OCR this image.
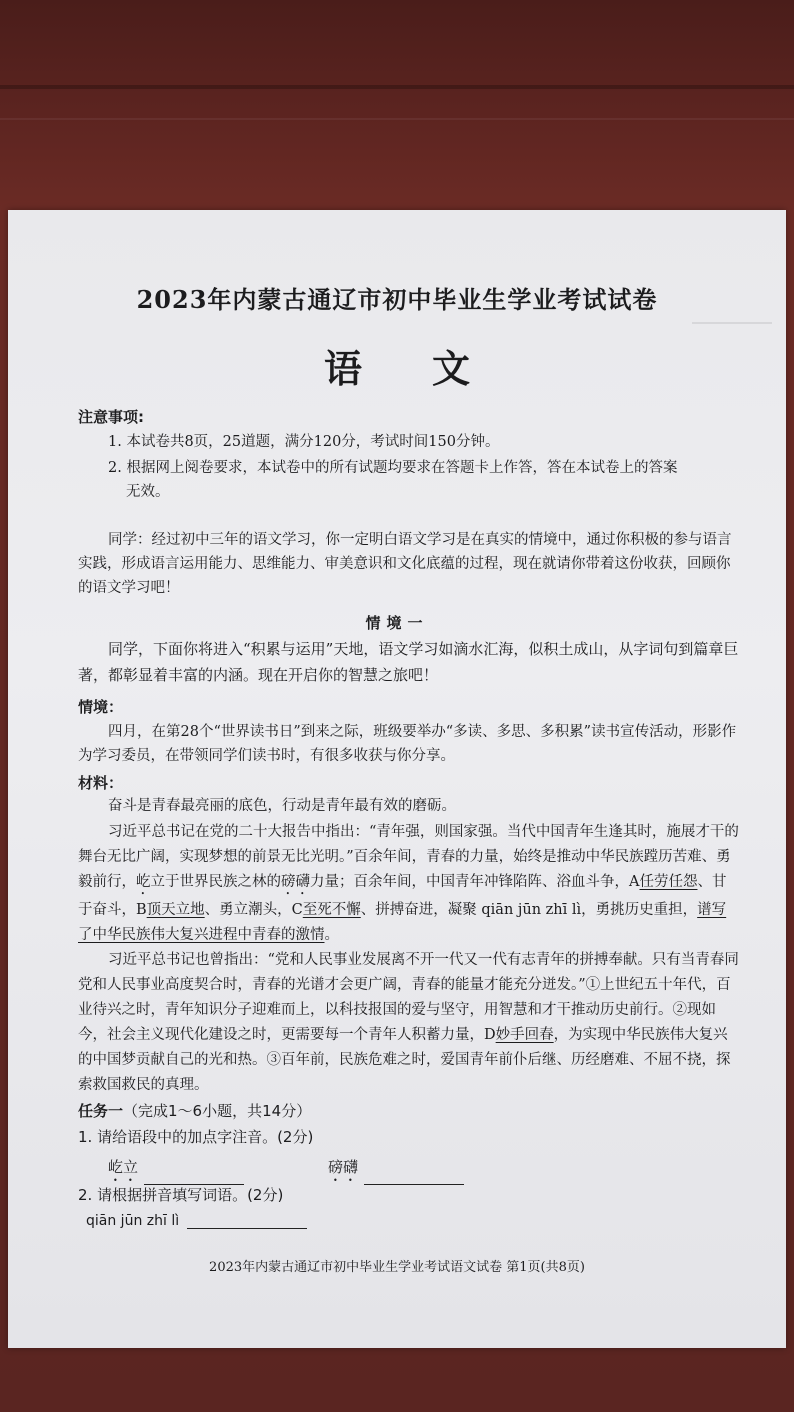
2023年内蒙古通辽市初中毕业生学业考试试卷
语文
注意事项:
1. 本试卷共8页，25道题，满分120分，考试时间150分钟。
2. 根据网上阅卷要求，本试卷中的所有试题均要求在答题卡上作答，答在本试卷上的答案
无效。
同学：经过初中三年的语文学习，你一定明白语文学习是在真实的情境中，通过你积极的参与语言实践，形成语言运用能力、思维能力、审美意识和文化底蕴的过程，现在就请你带着这份收获，回顾你的语文学习吧！
情境一
同学，下面你将进入“积累与运用”天地，语文学习如滴水汇海，似积土成山，从字词句到篇章巨著，都彰显着丰富的内涵。现在开启你的智慧之旅吧！
情境：
四月，在第28个“世界读书日”到来之际，班级要举办“多读、多思、多积累”读书宣传活动，形影作为学习委员，在带领同学们读书时，有很多收获与你分享。
材料：
奋斗是青春最亮丽的底色，行动是青年最有效的磨砺。
习近平总书记在党的二十大报告中指出：“青年强，则国家强。当代中国青年生逢其时，施展才干的舞台无比广阔，实现梦想的前景无比光明。”百余年间，青春的力量，始终是推动中华民族蹚历苦难、勇毅前行，屹立于世界民族之林的磅礴力量；百余年间，中国青年冲锋陷阵、浴血斗争，A任劳任怨、甘于奋斗，B顶天立地、勇立潮头，C至死不懈、拼搏奋进，凝聚 qiān jūn zhī lì，勇挑历史重担，谱写了中华民族伟大复兴进程中青春的激情。
习近平总书记也曾指出：“党和人民事业发展离不开一代又一代有志青年的拼搏奉献。只有当青春同党和人民事业高度契合时，青春的光谱才会更广阔，青春的能量才能充分迸发。”①上世纪五十年代，百业待兴之时，青年知识分子迎难而上，以科技报国的爱与坚守，用智慧和才干推动历史前行。②现如今，社会主义现代化建设之时，更需要每一个青年人积蓄力量，D妙手回春，为实现中华民族伟大复兴的中国梦贡献自己的光和热。③百年前，民族危难之时，爱国青年前仆后继、历经磨难、不屈不挠，探索救国救民的真理。
任务一（完成1～6小题，共14分）
1. 请给语段中的加点字注音。(2分)
屹立	磅礴
2. 请根据拼音填写词语。(2分)
qiān jūn zhī lì
2023年内蒙古通辽市初中毕业生学业考试语文试卷 第1页(共8页)
